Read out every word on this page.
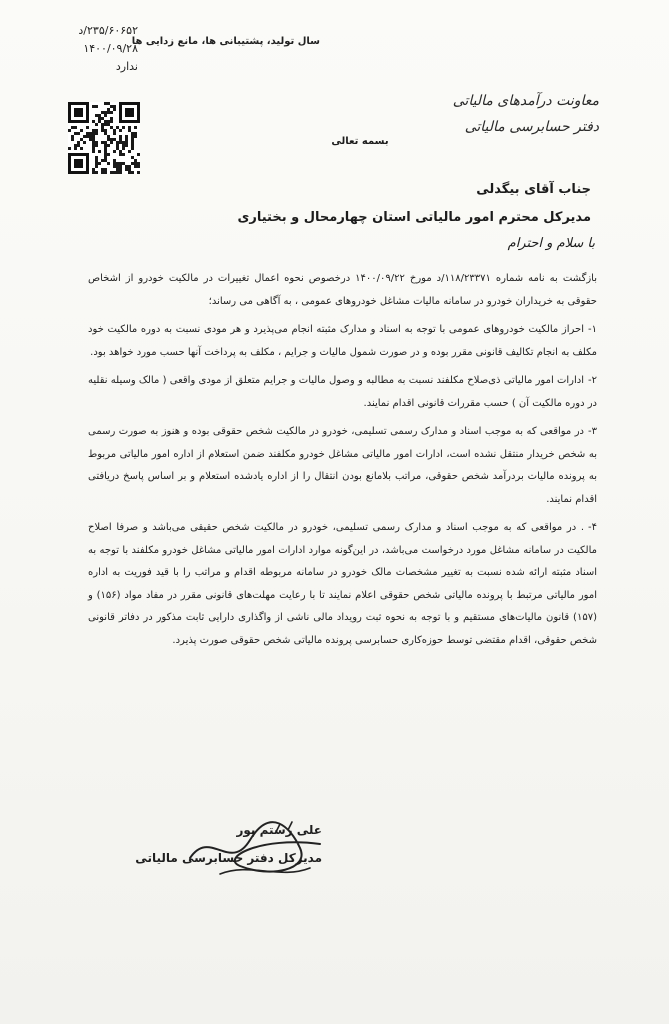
۲۳۵/۶۰۶۵۲/د
۱۴۰۰/۰۹/۲۸
ندارد
سال تولید، پشتیبانی ها، مانع زدایی ها
معاونت درآمدهای مالیاتی
دفتر حسابرسی مالیاتی
بسمه تعالی
جناب آقای بیگدلی
مدیرکل محترم امور مالیاتی استان چهارمحال و بختیاری
با سلام و احترام

بازگشت به نامه شماره ۱۱۸/۲۳۳۷۱/د مورخ ۱۴۰۰/۰۹/۲۲ درخصوص نحوه اعمال تغییرات در مالکیت خودرو از اشخاص حقوقی به خریداران خودرو در سامانه مالیات مشاغل خودروهای عمومی ، به آگاهی می رساند؛

۱-احراز مالکیت خودروهای عمومی با توجه به اسناد و مدارک مثبته انجام می‌پذیرد و هر مودی نسبت به دوره مالکیت خود مکلف به انجام تکالیف قانونی مقرر بوده و در صورت شمول مالیات و جرایم ، مکلف به پرداخت آنها حسب مورد خواهد بود.

۲-ادارات امور مالیاتی ذی‌صلاح مکلفند نسبت به مطالبه و وصول مالیات و جرایم متعلق از مودی واقعی ( مالک وسیله نقلیه در دوره مالکیت آن ) حسب مقررات قانونی اقدام نمایند.

۳-در مواقعی که به موجب اسناد و مدارک رسمی تسلیمی، خودرو در مالکیت شخص حقوقی بوده و هنوز به صورت رسمی به شخص خریدار منتقل نشده است، ادارات امور مالیاتی مشاغل خودرو مکلفند ضمن استعلام از اداره امور مالیاتی مربوط به پرونده مالیات بردرآمد شخص حقوقی، مراتب بلامانع بودن انتقال را از اداره یادشده استعلام و بر اساس پاسخ دریافتی اقدام نمایند.

۴-. در مواقعی که به موجب اسناد و مدارک رسمی تسلیمی، خودرو در مالکیت شخص حقیقی می‌باشد و صرفا اصلاح مالکیت در سامانه مشاغل مورد درخواست می‌باشد، در این‌گونه موارد ادارات امور مالیاتی مشاغل خودرو مکلفند با توجه به اسناد مثبته ارائه شده نسبت به تغییر مشخصات مالک خودرو در سامانه مربوطه اقدام و مراتب را با قید فوریت به اداره امور مالیاتی مرتبط با پرونده مالیاتی شخص حقوقی اعلام نمایند تا با رعایت مهلت‌های قانونی مقرر در مفاد مواد (۱۵۶) و (۱۵۷) قانون مالیات‌های مستقیم و با توجه به نحوه ثبت رویداد مالی ناشی از واگذاری دارایی ثابت مذکور در دفاتر قانونی شخص حقوقی، اقدام مقتضی توسط حوزه‌کاری حسابرسی پرونده مالیاتی شخص حقوقی صورت پذیرد.

علی رستم پور
مدیرکل دفتر حسابرسی مالیاتی
